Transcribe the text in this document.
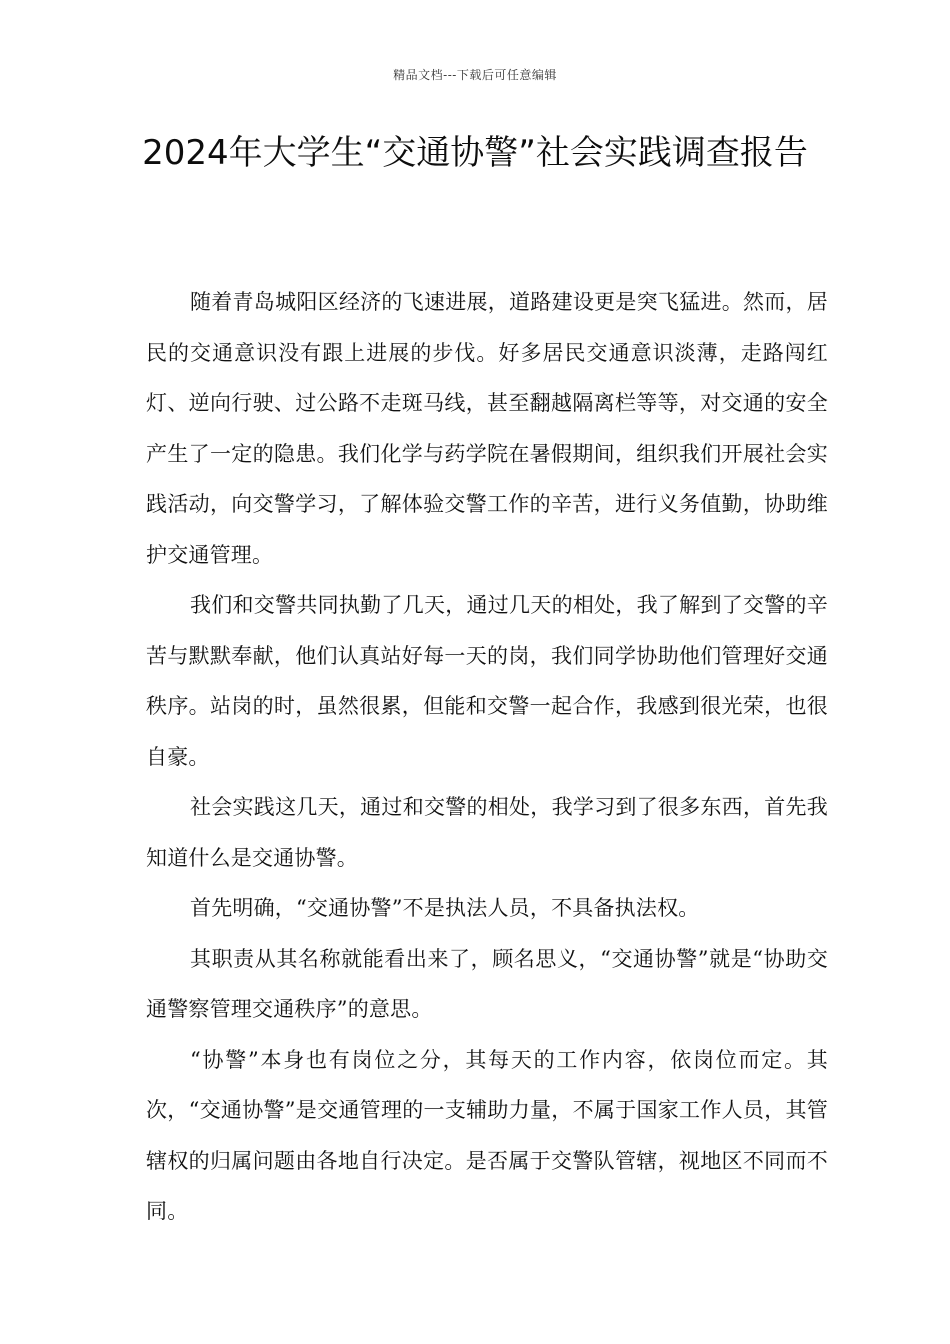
精品文档---下载后可任意编辑
2024年大学生“交通协警”社会实践调查报告

随着青岛城阳区经济的飞速进展，道路建设更是突飞猛进。然而，居民的交通意识没有跟上进展的步伐。好多居民交通意识淡薄，走路闯红灯、逆向行驶、过公路不走斑马线，甚至翻越隔离栏等等，对交通的安全产生了一定的隐患。我们化学与药学院在暑假期间，组织我们开展社会实践活动，向交警学习，了解体验交警工作的辛苦，进行义务值勤，协助维护交通管理。

我们和交警共同执勤了几天，通过几天的相处，我了解到了交警的辛苦与默默奉献，他们认真站好每一天的岗，我们同学协助他们管理好交通秩序。站岗的时，虽然很累，但能和交警一起合作，我感到很光荣，也很自豪。

社会实践这几天，通过和交警的相处，我学习到了很多东西，首先我知道什么是交通协警。

首先明确，“交通协警”不是执法人员，不具备执法权。

其职责从其名称就能看出来了，顾名思义，“交通协警”就是“协助交通警察管理交通秩序”的意思。

“协警”本身也有岗位之分，其每天的工作内容，依岗位而定。其次，“交通协警”是交通管理的一支辅助力量，不属于国家工作人员，其管辖权的归属问题由各地自行决定。是否属于交警队管辖，视地区不同而不同。
